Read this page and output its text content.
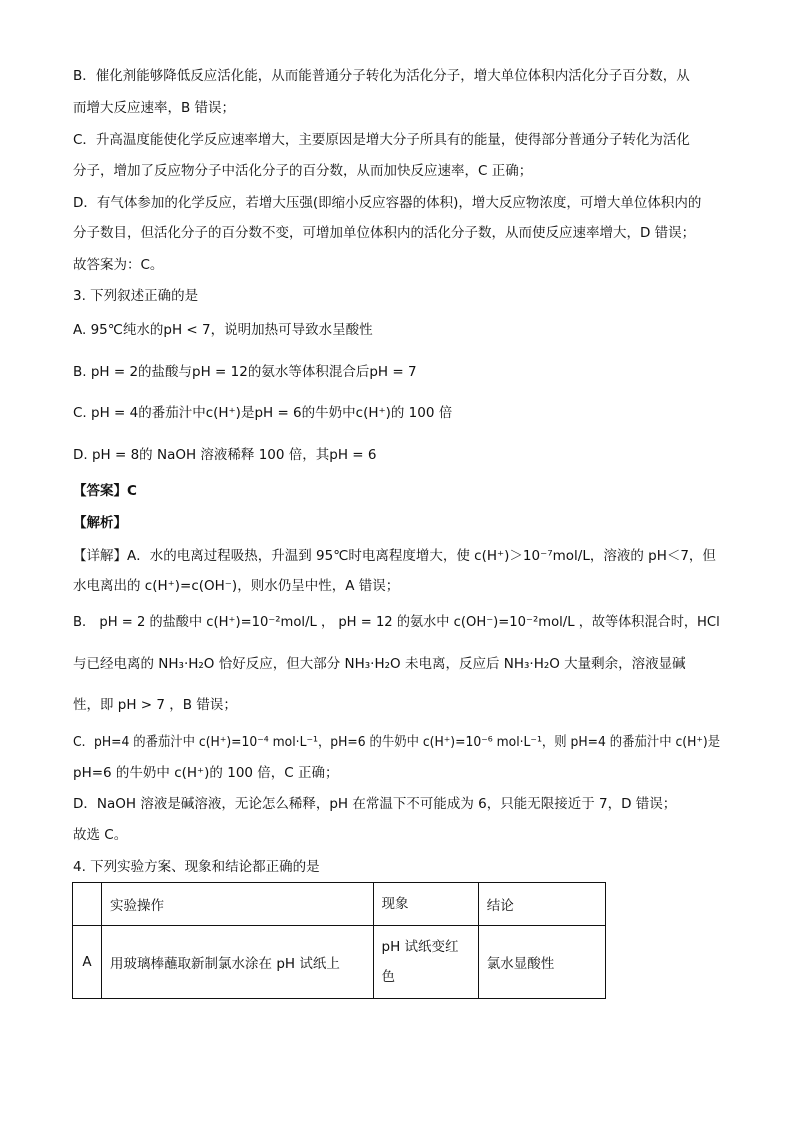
B．催化剂能够降低反应活化能，从而能普通分子转化为活化分子，增大单位体积内活化分子百分数，从
而增大反应速率，B 错误；
C．升高温度能使化学反应速率增大，主要原因是增大分子所具有的能量，使得部分普通分子转化为活化
分子，增加了反应物分子中活化分子的百分数，从而加快反应速率，C 正确；
D．有气体参加的化学反应，若增大压强(即缩小反应容器的体积)，增大反应物浓度，可增大单位体积内的
分子数目，但活化分子的百分数不变，可增加单位体积内的活化分子数，从而使反应速率增大，D 错误；
故答案为：C。
3. 下列叙述正确的是
A. 95℃纯水的pH < 7，说明加热可导致水呈酸性
B. pH = 2的盐酸与pH = 12的氨水等体积混合后pH = 7
C. pH = 4的番茄汁中c(H⁺)是pH = 6的牛奶中c(H⁺)的 100 倍
D. pH = 8的 NaOH 溶液稀释 100 倍，其pH = 6
【答案】C
【解析】
【详解】A．水的电离过程吸热，升温到 95℃时电离程度增大，使 c(H⁺)＞10⁻⁷mol/L，溶液的 pH＜7，但
水电离出的 c(H⁺)=c(OH⁻)，则水仍呈中性，A 错误；
B． pH = 2 的盐酸中 c(H⁺)=10⁻²mol/L ， pH = 12 的氨水中 c(OH⁻)=10⁻²mol/L ，故等体积混合时，HCl
与已经电离的 NH₃·H₂O 恰好反应，但大部分 NH₃·H₂O 未电离，反应后 NH₃·H₂O 大量剩余，溶液显碱
性，即 pH > 7 ，B 错误；
C．pH=4 的番茄汁中 c(H⁺)=10⁻⁴ mol·L⁻¹，pH=6 的牛奶中 c(H⁺)=10⁻⁶ mol·L⁻¹，则 pH=4 的番茄汁中 c(H⁺)是
pH=6 的牛奶中 c(H⁺)的 100 倍，C 正确；
D．NaOH 溶液是碱溶液，无论怎么稀释，pH 在常温下不可能成为 6，只能无限接近于 7，D 错误；
故选 C。
4. 下列实验方案、现象和结论都正确的是
	实验操作	现象	结论
A	用玻璃棒蘸取新制氯水涂在 pH 试纸上	pH 试纸变红色	氯水显酸性
